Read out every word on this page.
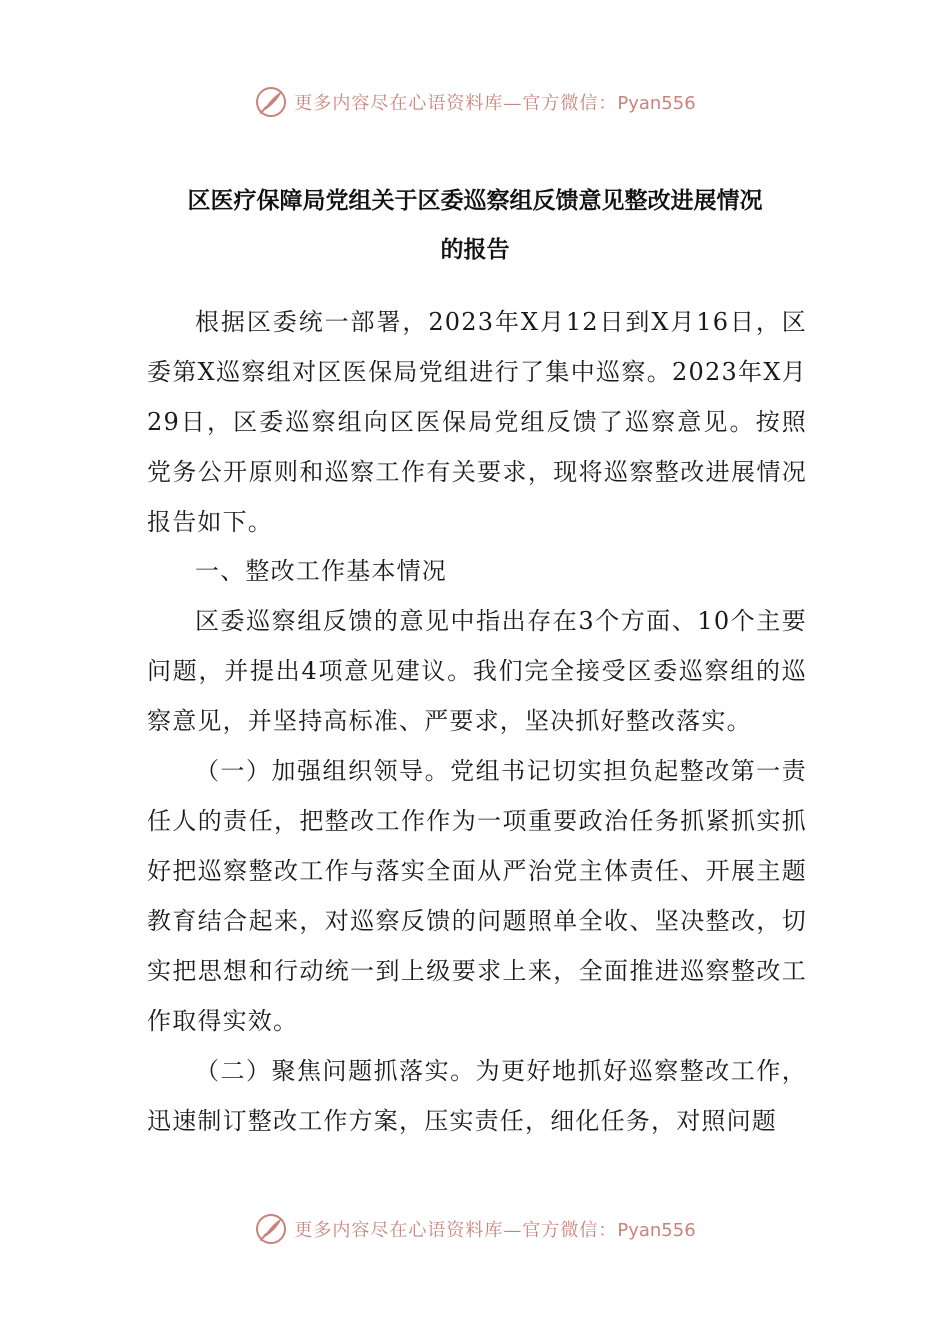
更多内容尽在心语资料库—官方微信：Pyan556
区医疗保障局党组关于区委巡察组反馈意见整改进展情况
的报告

根据区委统一部署，2023年X月12日到X月16日，区委第X巡察组对区医保局党组进行了集中巡察。2023年X月29日，区委巡察组向区医保局党组反馈了巡察意见。按照党务公开原则和巡察工作有关要求，现将巡察整改进展情况报告如下。

一、整改工作基本情况

区委巡察组反馈的意见中指出存在3个方面、10个主要问题，并提出4项意见建议。我们完全接受区委巡察组的巡察意见，并坚持高标准、严要求，坚决抓好整改落实。

（一）加强组织领导。党组书记切实担负起整改第一责任人的责任，把整改工作作为一项重要政治任务抓紧抓实抓好把巡察整改工作与落实全面从严治党主体责任、开展主题教育结合起来，对巡察反馈的问题照单全收、坚决整改，切实把思想和行动统一到上级要求上来，全面推进巡察整改工作取得实效。

（二）聚焦问题抓落实。为更好地抓好巡察整改工作，迅速制订整改工作方案，压实责任，细化任务，对照问题

更多内容尽在心语资料库—官方微信：Pyan556
